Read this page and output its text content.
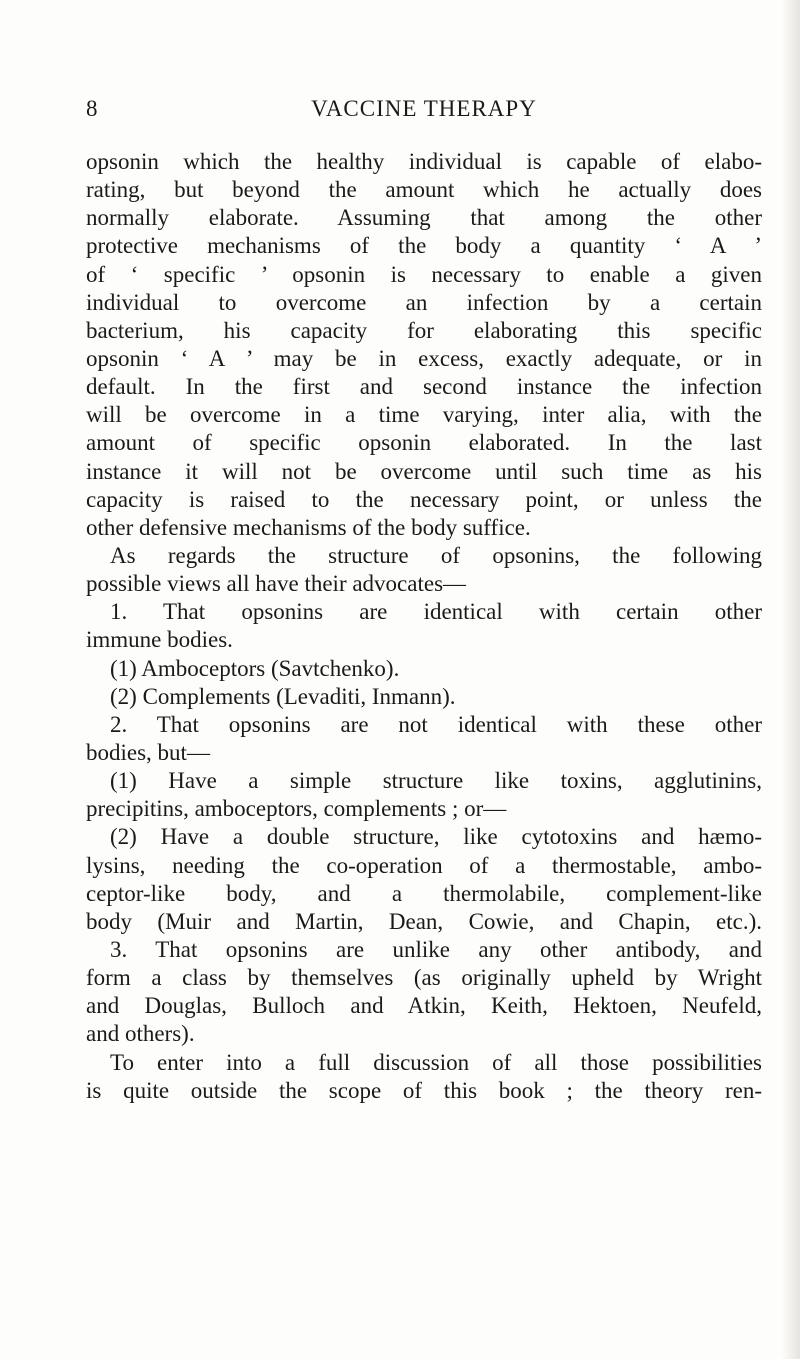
8	VACCINE THERAPY
opsonin which the healthy individual is capable of elabo-
rating, but beyond the amount which he actually does
normally elaborate. Assuming that among the other
protective mechanisms of the body a quantity ‘ A ’
of ‘ specific ’ opsonin is necessary to enable a given
individual to overcome an infection by a certain
bacterium, his capacity for elaborating this specific
opsonin ‘ A ’ may be in excess, exactly adequate, or in
default. In the first and second instance the infection
will be overcome in a time varying, inter alia, with the
amount of specific opsonin elaborated. In the last
instance it will not be overcome until such time as his
capacity is raised to the necessary point, or unless the
other defensive mechanisms of the body suffice.
As regards the structure of opsonins, the following
possible views all have their advocates—
1. That opsonins are identical with certain other
immune bodies.
(1) Amboceptors (Savtchenko).
(2) Complements (Levaditi, Inmann).
2. That opsonins are not identical with these other
bodies, but—
(1) Have a simple structure like toxins, agglutinins,
precipitins, amboceptors, complements ; or—
(2) Have a double structure, like cytotoxins and hæmo-
lysins, needing the co-operation of a thermostable, ambo-
ceptor-like body, and a thermolabile, complement-like
body (Muir and Martin, Dean, Cowie, and Chapin, etc.).
3. That opsonins are unlike any other antibody, and
form a class by themselves (as originally upheld by Wright
and Douglas, Bulloch and Atkin, Keith, Hektoen, Neufeld,
and others).
To enter into a full discussion of all those possibilities
is quite outside the scope of this book ; the theory ren-
